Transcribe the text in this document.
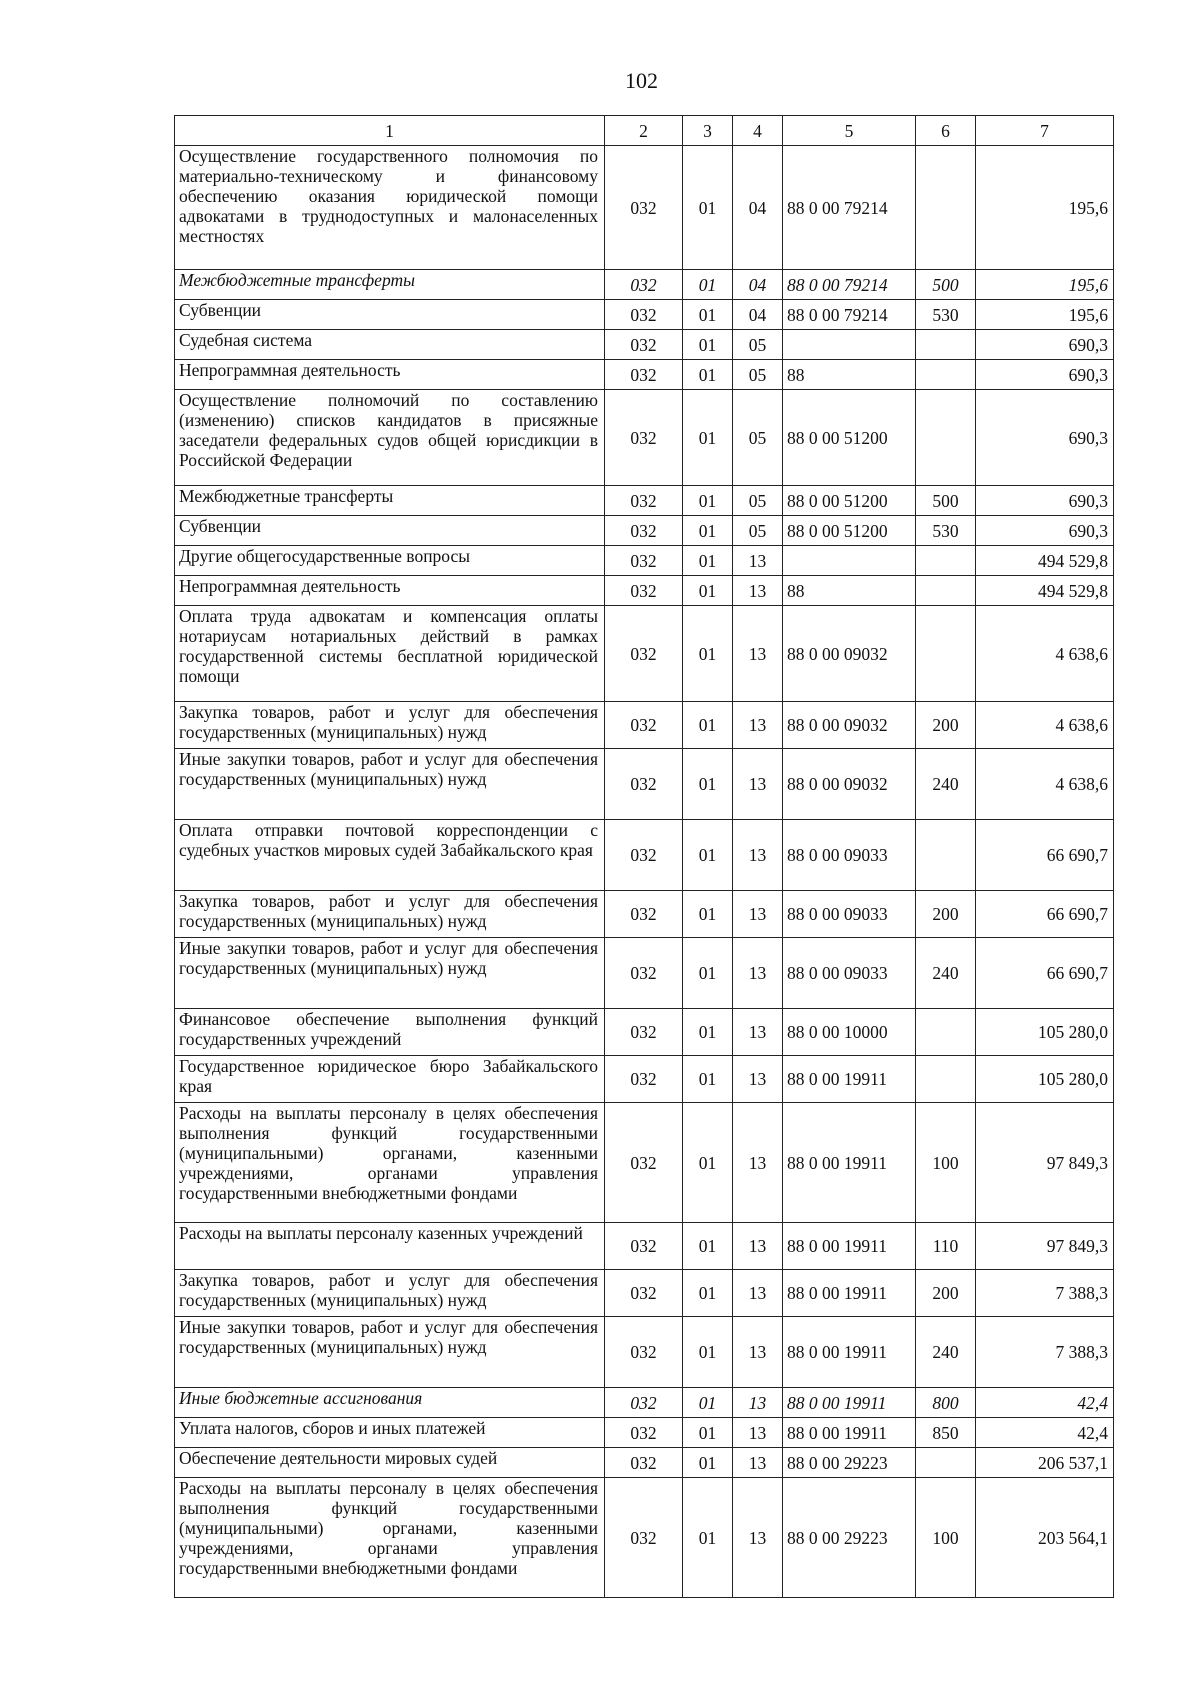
102
1	2	3	4	5	6	7
Осуществление государственного полномочия по материально-техническому и финансовому обеспечению оказания юридической помощи адвокатами в труднодоступных и малонаселенных местностях	032	01	04	88 0 00 79214		195,6
Межбюджетные трансферты	032	01	04	88 0 00 79214	500	195,6
Субвенции	032	01	04	88 0 00 79214	530	195,6
Судебная система	032	01	05			690,3
Непрограммная деятельность	032	01	05	88		690,3
Осуществление полномочий по составлению (изменению) списков кандидатов в присяжные заседатели федеральных судов общей юрисдикции в Российской Федерации	032	01	05	88 0 00 51200		690,3
Межбюджетные трансферты	032	01	05	88 0 00 51200	500	690,3
Субвенции	032	01	05	88 0 00 51200	530	690,3
Другие общегосударственные вопросы	032	01	13			494 529,8
Непрограммная деятельность	032	01	13	88		494 529,8
Оплата труда адвокатам и компенсация оплаты нотариусам нотариальных действий в рамках государственной системы бесплатной юридической помощи	032	01	13	88 0 00 09032		4 638,6
Закупка товаров, работ и услуг для обеспечения государственных (муниципальных) нужд	032	01	13	88 0 00 09032	200	4 638,6
Иные закупки товаров, работ и услуг для обеспечения государственных (муниципальных) нужд	032	01	13	88 0 00 09032	240	4 638,6
Оплата отправки почтовой корреспонденции с судебных участков мировых судей Забайкальского края	032	01	13	88 0 00 09033		66 690,7
Закупка товаров, работ и услуг для обеспечения государственных (муниципальных) нужд	032	01	13	88 0 00 09033	200	66 690,7
Иные закупки товаров, работ и услуг для обеспечения государственных (муниципальных) нужд	032	01	13	88 0 00 09033	240	66 690,7
Финансовое обеспечение выполнения функций государственных учреждений	032	01	13	88 0 00 10000		105 280,0
Государственное юридическое бюро Забайкальского края	032	01	13	88 0 00 19911		105 280,0
Расходы на выплаты персоналу в целях обеспечения выполнения функций государственными (муниципальными) органами, казенными учреждениями, органами управления государственными внебюджетными фондами	032	01	13	88 0 00 19911	100	97 849,3
Расходы на выплаты персоналу казенных учреждений	032	01	13	88 0 00 19911	110	97 849,3
Закупка товаров, работ и услуг для обеспечения государственных (муниципальных) нужд	032	01	13	88 0 00 19911	200	7 388,3
Иные закупки товаров, работ и услуг для обеспечения государственных (муниципальных) нужд	032	01	13	88 0 00 19911	240	7 388,3
Иные бюджетные ассигнования	032	01	13	88 0 00 19911	800	42,4
Уплата налогов, сборов и иных платежей	032	01	13	88 0 00 19911	850	42,4
Обеспечение деятельности мировых судей	032	01	13	88 0 00 29223		206 537,1
Расходы на выплаты персоналу в целях обеспечения выполнения функций государственными (муниципальными) органами, казенными учреждениями, органами управления государственными внебюджетными фондами	032	01	13	88 0 00 29223	100	203 564,1
